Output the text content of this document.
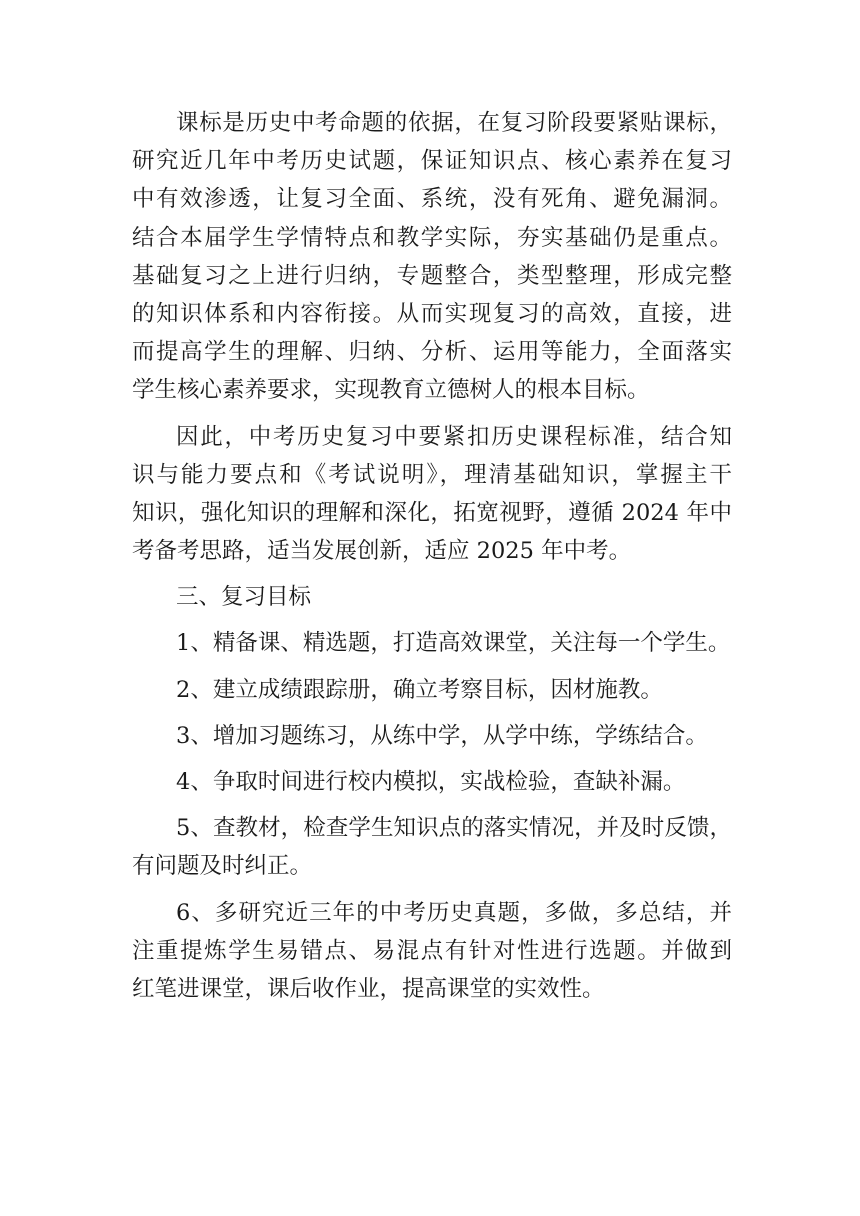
课标是历史中考命题的依据，在复习阶段要紧贴课标，
研究近几年中考历史试题，保证知识点、核心素养在复习
中有效渗透，让复习全面、系统，没有死角、避免漏洞。
结合本届学生学情特点和教学实际，夯实基础仍是重点。
基础复习之上进行归纳，专题整合，类型整理，形成完整
的知识体系和内容衔接。从而实现复习的高效，直接，进
而提高学生的理解、归纳、分析、运用等能力，全面落实
学生核心素养要求，实现教育立德树人的根本目标。
因此，中考历史复习中要紧扣历史课程标准，结合知
识与能力要点和《考试说明》，理清基础知识，掌握主干
知识，强化知识的理解和深化，拓宽视野，遵循 2024 年中
考备考思路，适当发展创新，适应 2025 年中考。
三、复习目标
1、精备课、精选题，打造高效课堂，关注每一个学生。
2、建立成绩跟踪册，确立考察目标，因材施教。
3、增加习题练习，从练中学，从学中练，学练结合。
4、争取时间进行校内模拟，实战检验，查缺补漏。
5、查教材，检查学生知识点的落实情况，并及时反馈，
有问题及时纠正。
6、多研究近三年的中考历史真题，多做，多总结，并
注重提炼学生易错点、易混点有针对性进行选题。并做到
红笔进课堂，课后收作业，提高课堂的实效性。
